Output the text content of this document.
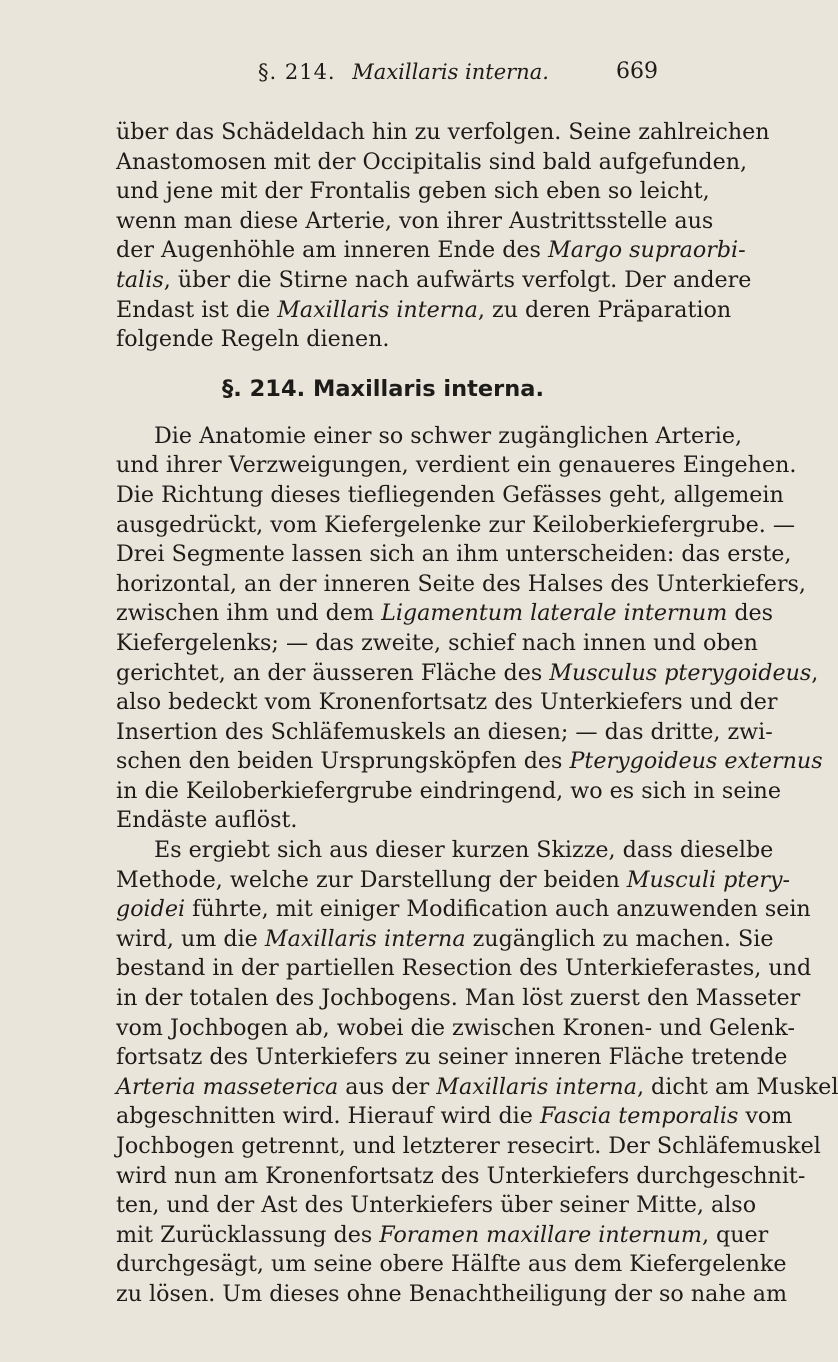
§. 214. Maxillaris interna.	669
über das Schädeldach hin zu verfolgen. Seine zahlreichen
Anastomosen mit der Occipitalis sind bald aufgefunden,
und jene mit der Frontalis geben sich eben so leicht,
wenn man diese Arterie, von ihrer Austrittsstelle aus
der Augenhöhle am inneren Ende des Margo supraorbi-
talis, über die Stirne nach aufwärts verfolgt. Der andere
Endast ist die Maxillaris interna, zu deren Präparation
folgende Regeln dienen.
§. 214. Maxillaris interna.
Die Anatomie einer so schwer zugänglichen Arterie,
und ihrer Verzweigungen, verdient ein genaueres Eingehen.
Die Richtung dieses tiefliegenden Gefässes geht, allgemein
ausgedrückt, vom Kiefergelenke zur Keiloberkiefergrube. —
Drei Segmente lassen sich an ihm unterscheiden: das erste,
horizontal, an der inneren Seite des Halses des Unterkiefers,
zwischen ihm und dem Ligamentum laterale internum des
Kiefergelenks; — das zweite, schief nach innen und oben
gerichtet, an der äusseren Fläche des Musculus pterygoideus,
also bedeckt vom Kronenfortsatz des Unterkiefers und der
Insertion des Schläfemuskels an diesen; — das dritte, zwi-
schen den beiden Ursprungsköpfen des Pterygoideus externus
in die Keiloberkiefergrube eindringend, wo es sich in seine
Endäste auflöst.
Es ergiebt sich aus dieser kurzen Skizze, dass dieselbe
Methode, welche zur Darstellung der beiden Musculi ptery-
goidei führte, mit einiger Modification auch anzuwenden sein
wird, um die Maxillaris interna zugänglich zu machen. Sie
bestand in der partiellen Resection des Unterkieferastes, und
in der totalen des Jochbogens. Man löst zuerst den Masseter
vom Jochbogen ab, wobei die zwischen Kronen- und Gelenk-
fortsatz des Unterkiefers zu seiner inneren Fläche tretende
Arteria masseterica aus der Maxillaris interna, dicht am Muskel
abgeschnitten wird. Hierauf wird die Fascia temporalis vom
Jochbogen getrennt, und letzterer resecirt. Der Schläfemuskel
wird nun am Kronenfortsatz des Unterkiefers durchgeschnit-
ten, und der Ast des Unterkiefers über seiner Mitte, also
mit Zurücklassung des Foramen maxillare internum, quer
durchgesägt, um seine obere Hälfte aus dem Kiefergelenke
zu lösen. Um dieses ohne Benachtheiligung der so nahe am
